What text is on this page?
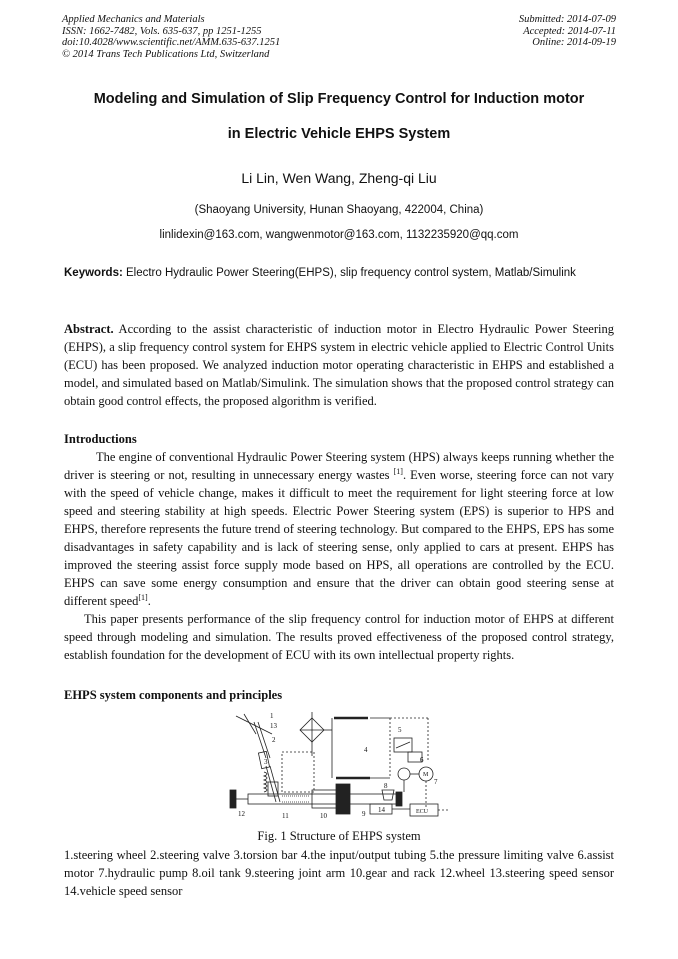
Applied Mechanics and Materials
ISSN: 1662-7482, Vols. 635-637, pp 1251-1255
doi:10.4028/www.scientific.net/AMM.635-637.1251
© 2014 Trans Tech Publications Ltd, Switzerland
Submitted: 2014-07-09
Accepted: 2014-07-11
Online: 2014-09-19
Modeling and Simulation of Slip Frequency Control for Induction motor
in Electric Vehicle EHPS System
Li Lin, Wen Wang, Zheng-qi Liu
(Shaoyang University, Hunan Shaoyang, 422004, China)
linlidexin@163.com, wangwenmotor@163.com, 1132235920@qq.com
Keywords: Electro Hydraulic Power Steering(EHPS), slip frequency control system, Matlab/Simulink
Abstract. According to the assist characteristic of induction motor in Electro Hydraulic Power Steering (EHPS), a slip frequency control system for EHPS system in electric vehicle applied to Electric Control Units (ECU) has been proposed. We analyzed induction motor operating characteristic in EHPS and established a model, and simulated based on Matlab/Simulink. The simulation shows that the proposed control strategy can obtain good control effects, the proposed algorithm is verified.
Introductions
The engine of conventional Hydraulic Power Steering system (HPS) always keeps running whether the driver is steering or not, resulting in unnecessary energy wastes [1]. Even worse, steering force can not vary with the speed of vehicle change, makes it difficult to meet the requirement for light steering force at low speed and steering stability at high speeds. Electric Power Steering system (EPS) is superior to HPS and EHPS, therefore represents the future trend of steering technology. But compared to the EHPS, EPS has some disadvantages in safety capability and is lack of steering sense, only applied to cars at present. EHPS has improved the steering assist force supply mode based on HPS, all operations are controlled by the ECU. EHPS can save some energy consumption and ensure that the driver can obtain good steering sense at different speed[1].
This paper presents performance of the slip frequency control for induction motor of EHPS at different speed through modeling and simulation. The results proved effectiveness of the proposed control strategy, establish foundation for the development of ECU with its own intellectual property rights.
EHPS system components and principles
1
13
2
3
4
5
6
7
8
9
10
11
12	14
M
ECU
Fig. 1 Structure of EHPS system
1.steering wheel 2.steering valve 3.torsion bar 4.the input/output tubing 5.the pressure limiting valve 6.assist motor 7.hydraulic pump 8.oil tank 9.steering joint arm 10.gear and rack 12.wheel 13.steering speed sensor 14.vehicle speed sensor
